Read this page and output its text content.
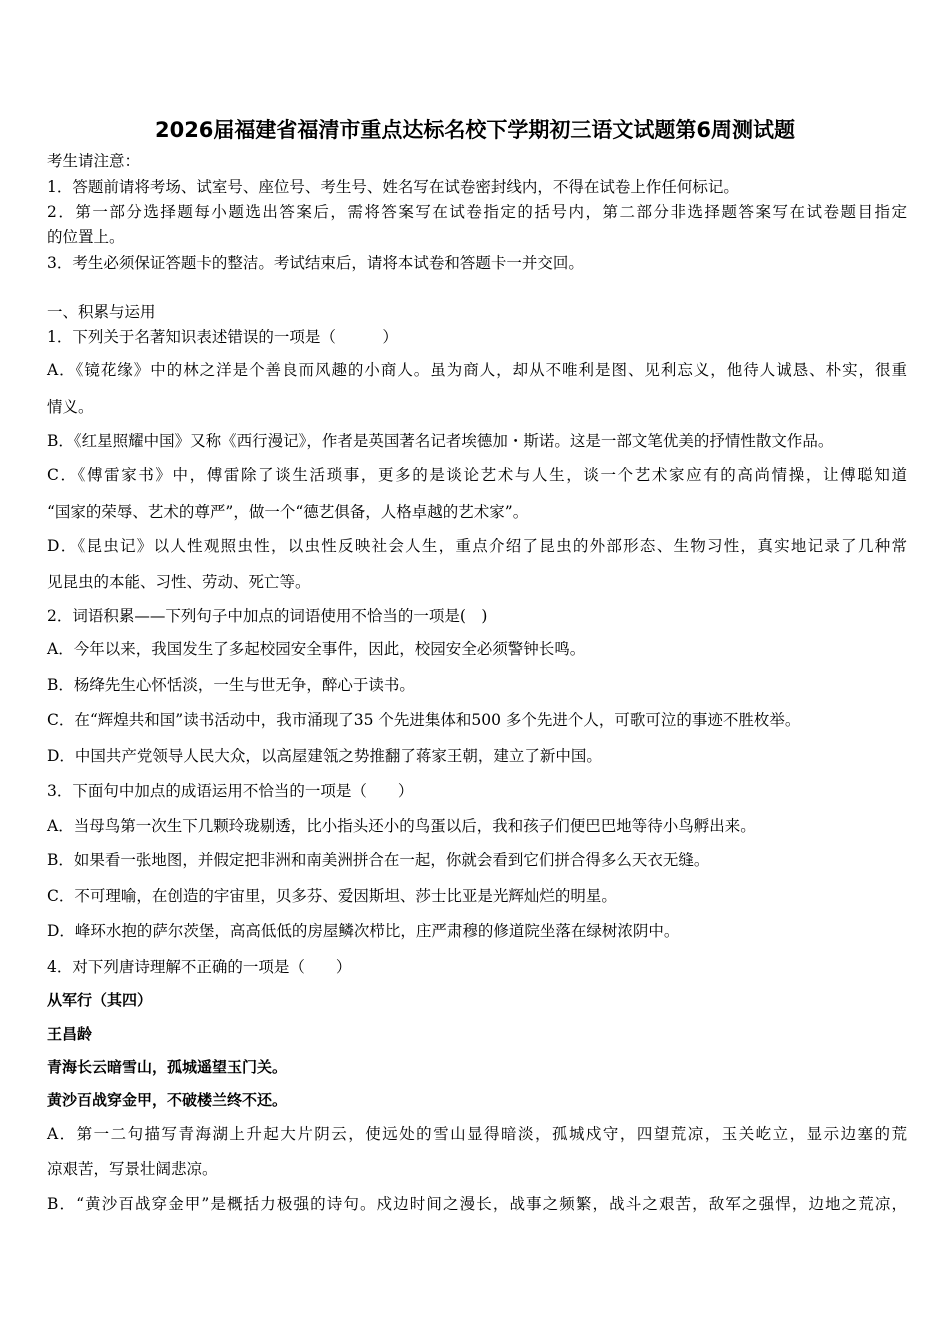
2026届福建省福清市重点达标名校下学期初三语文试题第6周测试题
考生请注意：
1．答题前请将考场、试室号、座位号、考生号、姓名写在试卷密封线内，不得在试卷上作任何标记。
2．第一部分选择题每小题选出答案后，需将答案写在试卷指定的括号内，第二部分非选择题答案写在试卷题目指定
的位置上。
3．考生必须保证答题卡的整洁。考试结束后，请将本试卷和答题卡一并交回。
一、积累与运用
1．下列关于名著知识表述错误的一项是（　　　）
A．《镜花缘》中的林之洋是个善良而风趣的小商人。虽为商人，却从不唯利是图、见利忘义，他待人诚恳、朴实，很重
情义。
B．《红星照耀中国》又称《西行漫记》，作者是英国著名记者埃德加・斯诺。这是一部文笔优美的抒情性散文作品。
C．《傅雷家书》中，傅雷除了谈生活琐事，更多的是谈论艺术与人生，谈一个艺术家应有的高尚情操，让傅聪知道
“国家的荣辱、艺术的尊严”，做一个“德艺俱备，人格卓越的艺术家”。
D．《昆虫记》以人性观照虫性，以虫性反映社会人生，重点介绍了昆虫的外部形态、生物习性，真实地记录了几种常
见昆虫的本能、习性、劳动、死亡等。
2．词语积累——下列句子中加点的词语使用不恰当的一项是(　)
A．今年以来，我国发生了多起校园安全事件，因此，校园安全必须警钟长鸣。
B．杨绛先生心怀恬淡，一生与世无争，醉心于读书。
C．在“辉煌共和国”读书活动中，我市涌现了35 个先进集体和500 多个先进个人，可歌可泣的事迹不胜枚举。
D．中国共产党领导人民大众，以高屋建瓴之势推翻了蒋家王朝，建立了新中国。
3．下面句中加点的成语运用不恰当的一项是（　　）
A．当母鸟第一次生下几颗玲珑剔透，比小指头还小的鸟蛋以后，我和孩子们便巴巴地等待小鸟孵出来。
B．如果看一张地图，并假定把非洲和南美洲拼合在一起，你就会看到它们拼合得多么天衣无缝。
C．不可理喻，在创造的宇宙里，贝多芬、爱因斯坦、莎士比亚是光辉灿烂的明星。
D．峰环水抱的萨尔茨堡，高高低低的房屋鳞次栉比，庄严肃穆的修道院坐落在绿树浓阴中。
4．对下列唐诗理解不正确的一项是（　　）
从军行（其四）
王昌龄
青海长云暗雪山，孤城遥望玉门关。
黄沙百战穿金甲，不破楼兰终不还。
A．第一二句描写青海湖上升起大片阴云，使远处的雪山显得暗淡，孤城戍守，四望荒凉，玉关屹立，显示边塞的荒
凉艰苦，写景壮阔悲凉。
B．“黄沙百战穿金甲”是概括力极强的诗句。戍边时间之漫长，战事之频繁，战斗之艰苦，敌军之强悍，边地之荒凉，
